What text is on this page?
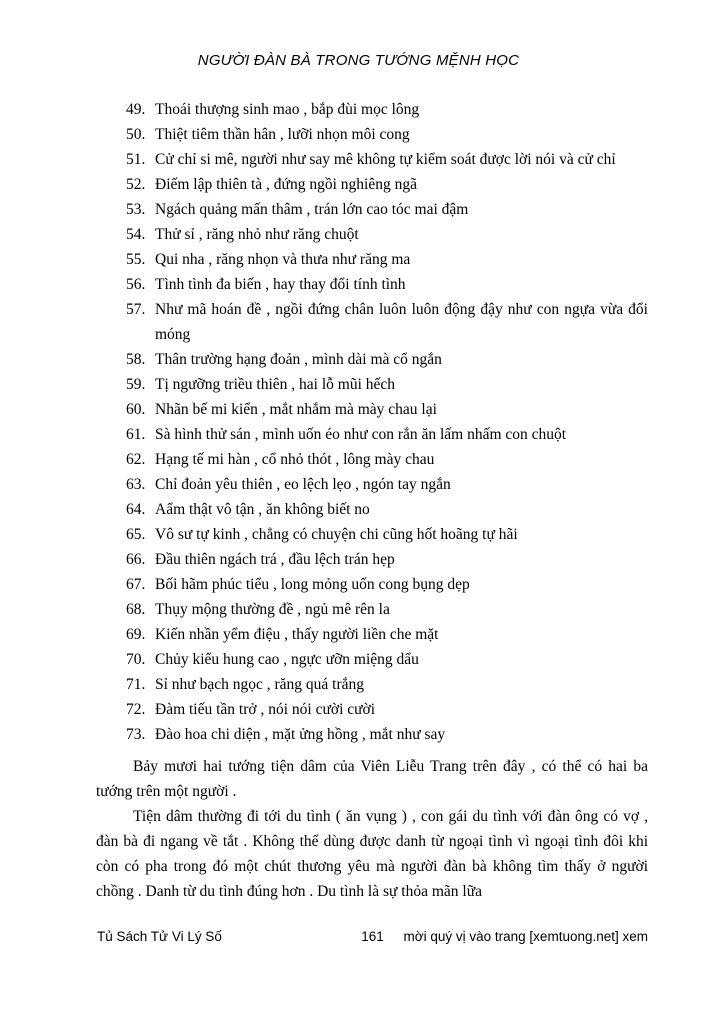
NGƯỜI ĐÀN BÀ TRONG TƯỚNG MỆNH HỌC
49. Thoái thượng sinh mao , bắp đùi mọc lông
50. Thiệt tiêm thần hân , lưỡi nhọn môi cong
51. Cử chỉ si mê, người như say mê không tự kiểm soát được lời nói và cử chỉ
52. Điếm lập thiên tà , đứng ngồi nghiêng ngã
53. Ngách quảng mấn thâm , trán lớn cao tóc mai đậm
54. Thử sỉ , răng nhỏ như răng chuột
55. Qui nha , răng nhọn và thưa như răng ma
56. Tình tình đa biến , hay thay đổi tính tình
57. Như mã hoán đề , ngồi đứng chân luôn luôn động đậy như con ngựa vừa đổi móng
58. Thân trường hạng đoản , mình dài mà cổ ngắn
59. Tị ngưỡng triều thiên , hai lỗ mũi hếch
60. Nhãn bế mi kiển , mắt nhắm mà mày chau lại
61. Sà hình thử sán , mình uốn éo như con rắn ăn lấm nhấm con chuột
62. Hạng tế mi hàn , cổ nhỏ thót , lông mày chau
63. Chỉ đoản yêu thiên , eo lệch lẹo , ngón tay ngắn
64. Aẩm thật vô tận , ăn không biết no
65. Vô sư tự kinh , chẳng có chuyện chi cũng hốt hoãng tự hãi
66. Đầu thiên ngách trá , đầu lệch trán hẹp
67. Bối hãm phúc tiểu , long mỏng uốn cong bụng dẹp
68. Thụy mộng thường đề , ngủ mê rên la
69. Kiến nhần yểm điệu , thấy người liền che mặt
70. Chủy kiểu hung cao , ngực ưỡn miệng dẩu
71. Sỉ như bạch ngọc , răng quá trắng
72. Đàm tiếu tần trở , nói nói cười cười
73. Đào hoa chi diện , mặt ửng hồng , mắt như say

Bảy mươi hai tướng tiện dâm của Viên Liễu Trang trên đây , có thể có hai ba tướng trên một người .

Tiện dâm thường đi tới du tình ( ăn vụng ) , con gái du tình với đàn ông có vợ , đàn bà đi ngang về tắt . Không thể dùng được danh từ ngoại tình vì ngoại tình đôi khi còn có pha trong đó một chút thương yêu mà người đàn bà không tìm thấy ở người chồng . Danh từ du tình đúng hơn . Du tình là sự thỏa mãn lữa

Tủ Sách Tử Vi Lý Số	161	mời quý vị vào trang [xemtuong.net] xem
